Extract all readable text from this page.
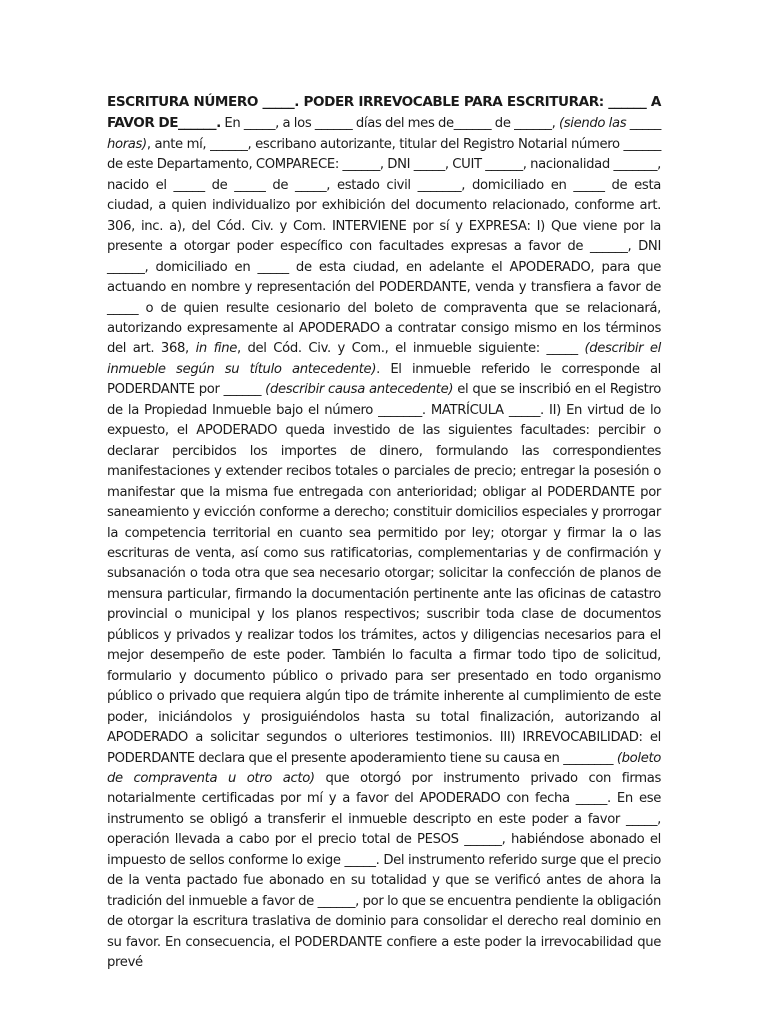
ESCRITURA NÚMERO _____. PODER IRREVOCABLE PARA ESCRITURAR: ______ A FAVOR DE______. En _____, a los ______ días del mes de______ de ______, (siendo las _____ horas), ante mí, ______, escribano autorizante, titular del Registro Notarial número ______ de este Departamento, COMPARECE: ______, DNI _____, CUIT ______, nacionalidad _______, nacido el _____ de _____ de _____, estado civil _______, domiciliado en _____ de esta ciudad, a quien individualizo por exhibición del documento relacionado, conforme art. 306, inc. a), del Cód. Civ. y Com. INTERVIENE por sí y EXPRESA: I) Que viene por la presente a otorgar poder específico con facultades expresas a favor de ______, DNI ______, domiciliado en _____ de esta ciudad, en adelante el APODERADO, para que actuando en nombre y representación del PODERDANTE, venda y transfiera a favor de _____ o de quien resulte cesionario del boleto de compraventa que se relacionará, autorizando expresamente al APODERADO a contratar consigo mismo en los términos del art. 368, in fine, del Cód. Civ. y Com., el inmueble siguiente: _____ (describir el inmueble según su título antecedente). El inmueble referido le corresponde al PODERDANTE por ______ (describir causa antecedente) el que se inscribió en el Registro de la Propiedad Inmueble bajo el número _______. MATRÍCULA _____. II) En virtud de lo expuesto, el APODERADO queda investido de las siguientes facultades: percibir o declarar percibidos los importes de dinero, formulando las correspondientes manifestaciones y extender recibos totales o parciales de precio; entregar la posesión o manifestar que la misma fue entregada con anterioridad; obligar al PODERDANTE por saneamiento y evicción conforme a derecho; constituir domicilios especiales y prorrogar la competencia territorial en cuanto sea permitido por ley; otorgar y firmar la o las escrituras de venta, así como sus ratificatorias, complementarias y de confirmación y subsanación o toda otra que sea necesario otorgar; solicitar la confección de planos de mensura particular, firmando la documentación pertinente ante las oficinas de catastro provincial o municipal y los planos respectivos; suscribir toda clase de documentos públicos y privados y realizar todos los trámites, actos y diligencias necesarios para el mejor desempeño de este poder. También lo faculta a firmar todo tipo de solicitud, formulario y documento público o privado para ser presentado en todo organismo público o privado que requiera algún tipo de trámite inherente al cumplimiento de este poder, iniciándolos y prosiguiéndolos hasta su total finalización, autorizando al APODERADO a solicitar segundos o ulteriores testimonios. III) IRREVOCABILIDAD: el PODERDANTE declara que el presente apoderamiento tiene su causa en ________ (boleto de compraventa u otro acto) que otorgó por instrumento privado con firmas notarialmente certificadas por mí y a favor del APODERADO con fecha _____. En ese instrumento se obligó a transferir el inmueble descripto en este poder a favor _____, operación llevada a cabo por el precio total de PESOS ______, habiéndose abonado el impuesto de sellos conforme lo exige _____. Del instrumento referido surge que el precio de la venta pactado fue abonado en su totalidad y que se verificó antes de ahora la tradición del inmueble a favor de ______, por lo que se encuentra pendiente la obligación de otorgar la escritura traslativa de dominio para consolidar el derecho real dominio en su favor. En consecuencia, el PODERDANTE confiere a este poder la irrevocabilidad que prevé
